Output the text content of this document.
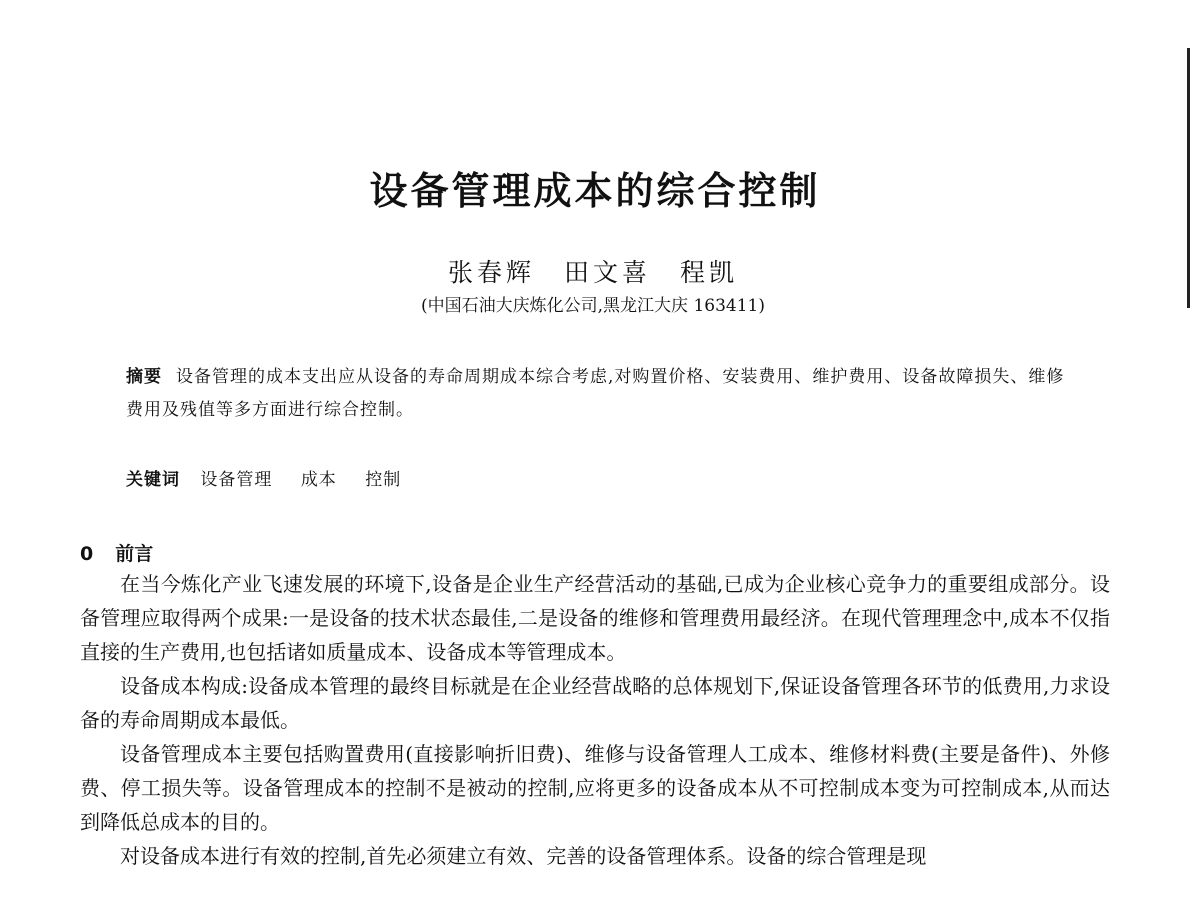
设备管理成本的综合控制
张春辉　田文喜　程凯
(中国石油大庆炼化公司,黑龙江大庆 163411)
摘要 设备管理的成本支出应从设备的寿命周期成本综合考虑,对购置价格、安装费用、维护费用、设备故障损失、维修费用及残值等多方面进行综合控制。
关键词 设备管理 成本 控制
0 前言

在当今炼化产业飞速发展的环境下,设备是企业生产经营活动的基础,已成为企业核心竞争力的重要组成部分。设备管理应取得两个成果:一是设备的技术状态最佳,二是设备的维修和管理费用最经济。在现代管理理念中,成本不仅指直接的生产费用,也包括诸如质量成本、设备成本等管理成本。

设备成本构成:设备成本管理的最终目标就是在企业经营战略的总体规划下,保证设备管理各环节的低费用,力求设备的寿命周期成本最低。

设备管理成本主要包括购置费用(直接影响折旧费)、维修与设备管理人工成本、维修材料费(主要是备件)、外修费、停工损失等。设备管理成本的控制不是被动的控制,应将更多的设备成本从不可控制成本变为可控制成本,从而达到降低总成本的目的。

对设备成本进行有效的控制,首先必须建立有效、完善的设备管理体系。设备的综合管理是现
